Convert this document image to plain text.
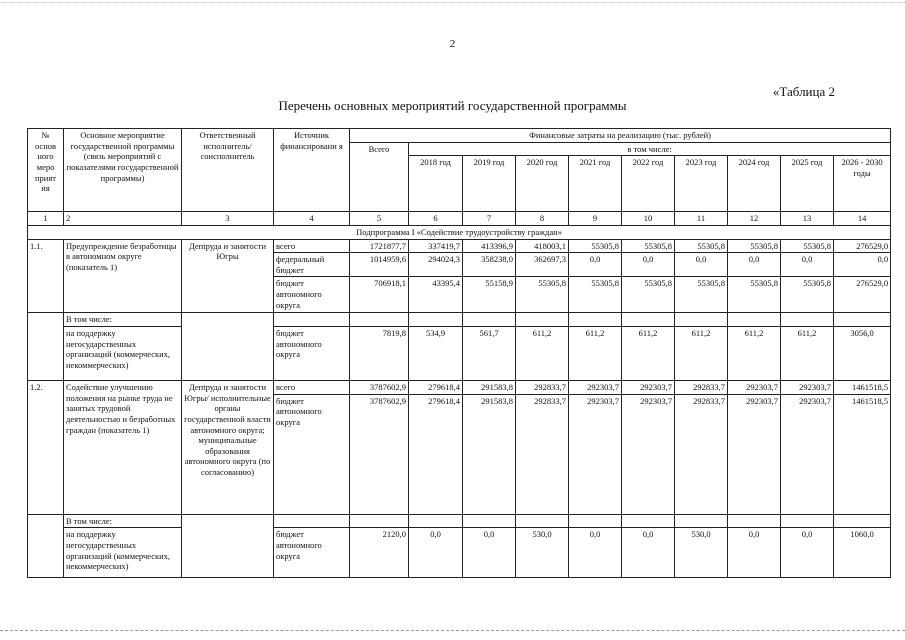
2
«Таблица 2
Перечень основных мероприятий государственной программы
№ основ ного меро прият ия	Основное мероприятие государственной программы (связь мероприятий с показателями государственной программы)	Ответственный исполнитель/ соисполнитель	Источник финансировани я	Финансовые затраты на реализацию (тыс. рублей)									
				Всего	в том числе:								
					2018 год	2019 год	2020 год	2021 год	2022 год	2023 год	2024 год	2025 год	2026 - 2030 годы
1	2	3	4	5	6	7	8	9	10	11	12	13	14
Подпрограмма I «Содействие трудоустройству граждан»													
1.1.	Предупреждение безработицы в автономном округе (показатель 1)	Депtруда и занятости Югры	всего	1721877,7	337419,7	413396,9	418003,1	55305,8	55305,8	55305,8	55305,8	55305,8	276529,0
			федеральный бюджет	1014959,6	294024,3	358238,0	362697,3	0,0	0,0	0,0	0,0	0,0	0,0
			бюджет автономного округа	706918,1	43395,4	55158,9	55305,8	55305,8	55305,8	55305,8	55305,8	55305,8	276529,0
	В том числе:												
	на поддержку негосударственных организаций (коммерческих, некоммерческих)		бюджет автономного округа	7819,8	534,9	561,7	611,2	611,2	611,2	611,2	611,2	611,2	3056,0
1.2.	Содействие улучшению положения на рынке труда не занятых трудовой деятельностью и безработных граждан (показатель 1)	Депtруда и занятости Югры/ исполнительные органы государственной власти автономного округа; муниципальные образования автономного округа (по согласованию)	всего	3787602,9	279618,4	291583,8	292833,7	292303,7	292303,7	292833,7	292303,7	292303,7	1461518,5
			бюджет автономного округа	3787602,9	279618,4	291583,8	292833,7	292303,7	292303,7	292833,7	292303,7	292303,7	1461518,5
	В том числе:												
	на поддержку негосударственных организаций (коммерческих, некоммерческих)		бюджет автономного округа	2120,0	0,0	0,0	530,0	0,0	0,0	530,0	0,0	0,0	1060,0
